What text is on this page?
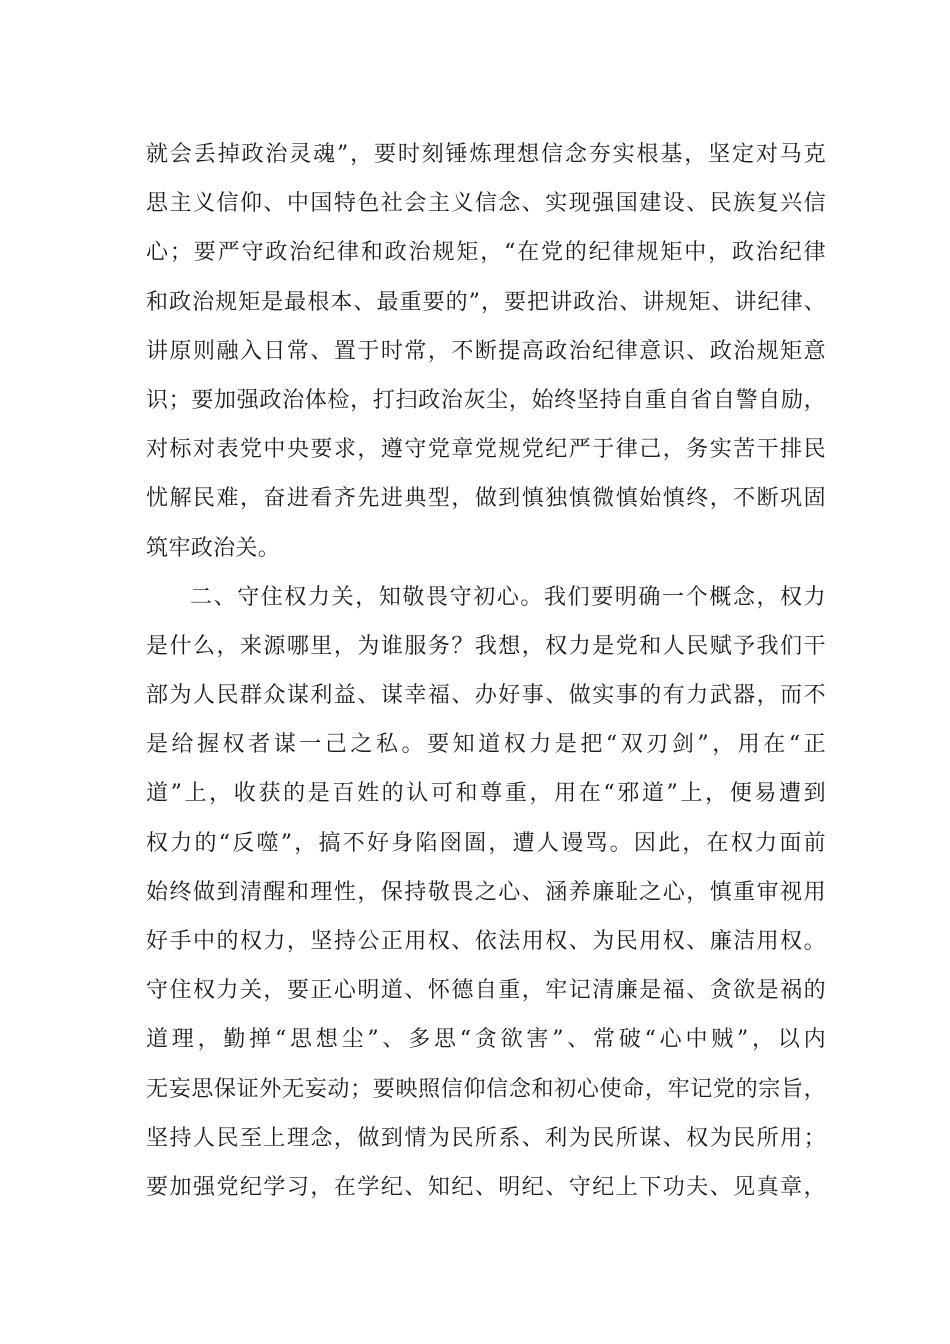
就会丢掉政治灵魂”，要时刻锤炼理想信念夯实根基，坚定对马克
思主义信仰、中国特色社会主义信念、实现强国建设、民族复兴信
心；要严守政治纪律和政治规矩，“在党的纪律规矩中，政治纪律
和政治规矩是最根本、最重要的”，要把讲政治、讲规矩、讲纪律、
讲原则融入日常、置于时常，不断提高政治纪律意识、政治规矩意
识；要加强政治体检，打扫政治灰尘，始终坚持自重自省自警自励，
对标对表党中央要求，遵守党章党规党纪严于律己，务实苦干排民
忧解民难，奋进看齐先进典型，做到慎独慎微慎始慎终，不断巩固
筑牢政治关。
二、守住权力关，知敬畏守初心。我们要明确一个概念，权力
是什么，来源哪里，为谁服务？我想，权力是党和人民赋予我们干
部为人民群众谋利益、谋幸福、办好事、做实事的有力武器，而不
是给握权者谋一己之私。要知道权力是把“双刃剑”，用在“正
道”上，收获的是百姓的认可和尊重，用在“邪道”上，便易遭到
权力的“反噬”，搞不好身陷囹圄，遭人谩骂。因此，在权力面前
始终做到清醒和理性，保持敬畏之心、涵养廉耻之心，慎重审视用
好手中的权力，坚持公正用权、依法用权、为民用权、廉洁用权。
守住权力关，要正心明道、怀德自重，牢记清廉是福、贪欲是祸的
道理，勤掸“思想尘”、多思“贪欲害”、常破“心中贼”，以内
无妄思保证外无妄动；要映照信仰信念和初心使命，牢记党的宗旨，
坚持人民至上理念，做到情为民所系、利为民所谋、权为民所用；
要加强党纪学习，在学纪、知纪、明纪、守纪上下功夫、见真章，
